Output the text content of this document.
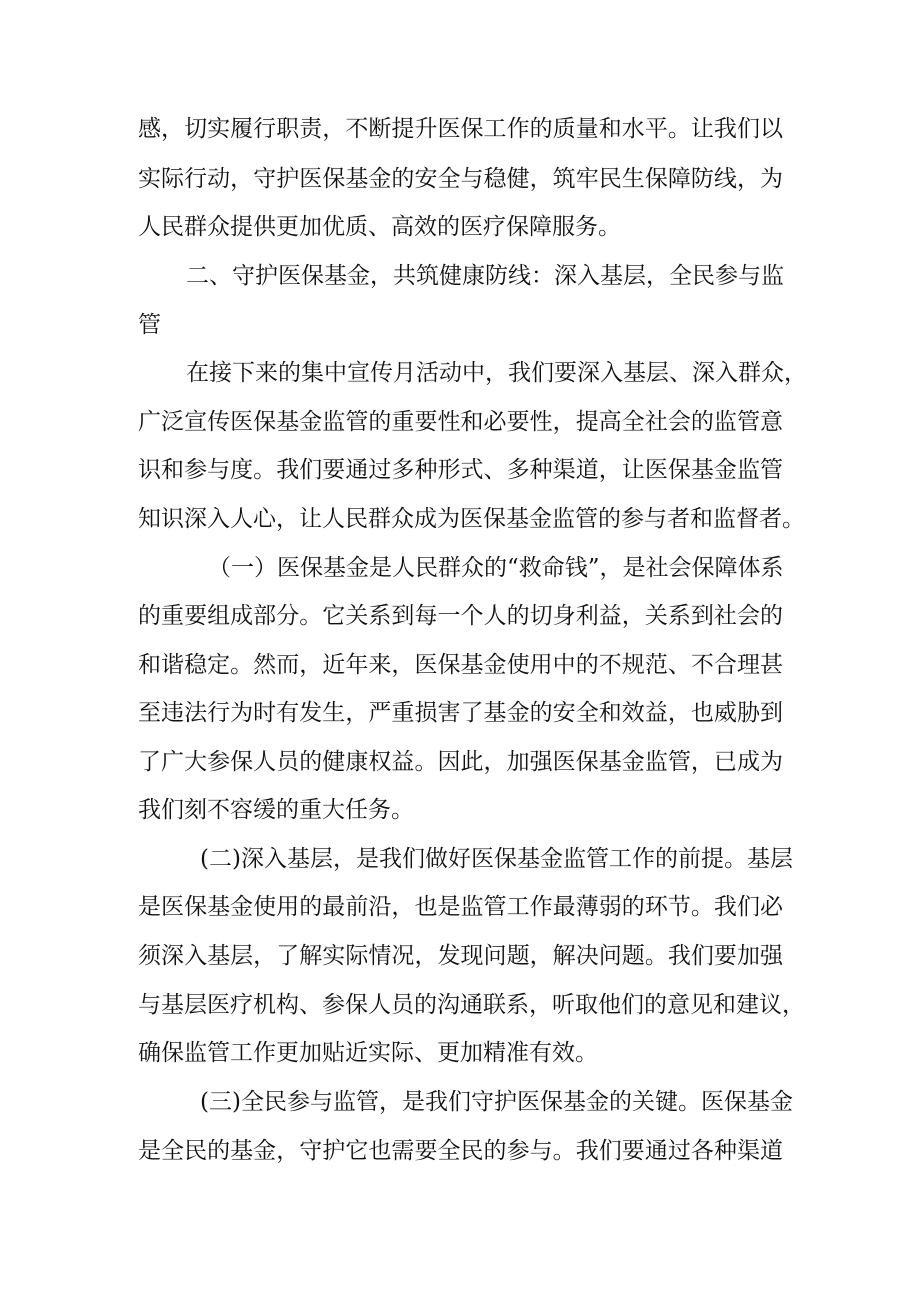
感，切实履行职责，不断提升医保工作的质量和水平。让我们以
实际行动，守护医保基金的安全与稳健，筑牢民生保障防线，为
人民群众提供更加优质、高效的医疗保障服务。
二、守护医保基金，共筑健康防线：深入基层，全民参与监
管
在接下来的集中宣传月活动中，我们要深入基层、深入群众，
广泛宣传医保基金监管的重要性和必要性，提高全社会的监管意
识和参与度。我们要通过多种形式、多种渠道，让医保基金监管
知识深入人心，让人民群众成为医保基金监管的参与者和监督者。
（一）医保基金是人民群众的“救命钱”，是社会保障体系
的重要组成部分。它关系到每一个人的切身利益，关系到社会的
和谐稳定。然而，近年来，医保基金使用中的不规范、不合理甚
至违法行为时有发生，严重损害了基金的安全和效益，也威胁到
了广大参保人员的健康权益。因此，加强医保基金监管，已成为
我们刻不容缓的重大任务。
(二)深入基层，是我们做好医保基金监管工作的前提。基层
是医保基金使用的最前沿，也是监管工作最薄弱的环节。我们必
须深入基层，了解实际情况，发现问题，解决问题。我们要加强
与基层医疗机构、参保人员的沟通联系，听取他们的意见和建议，
确保监管工作更加贴近实际、更加精准有效。
(三)全民参与监管，是我们守护医保基金的关键。医保基金
是全民的基金，守护它也需要全民的参与。我们要通过各种渠道
